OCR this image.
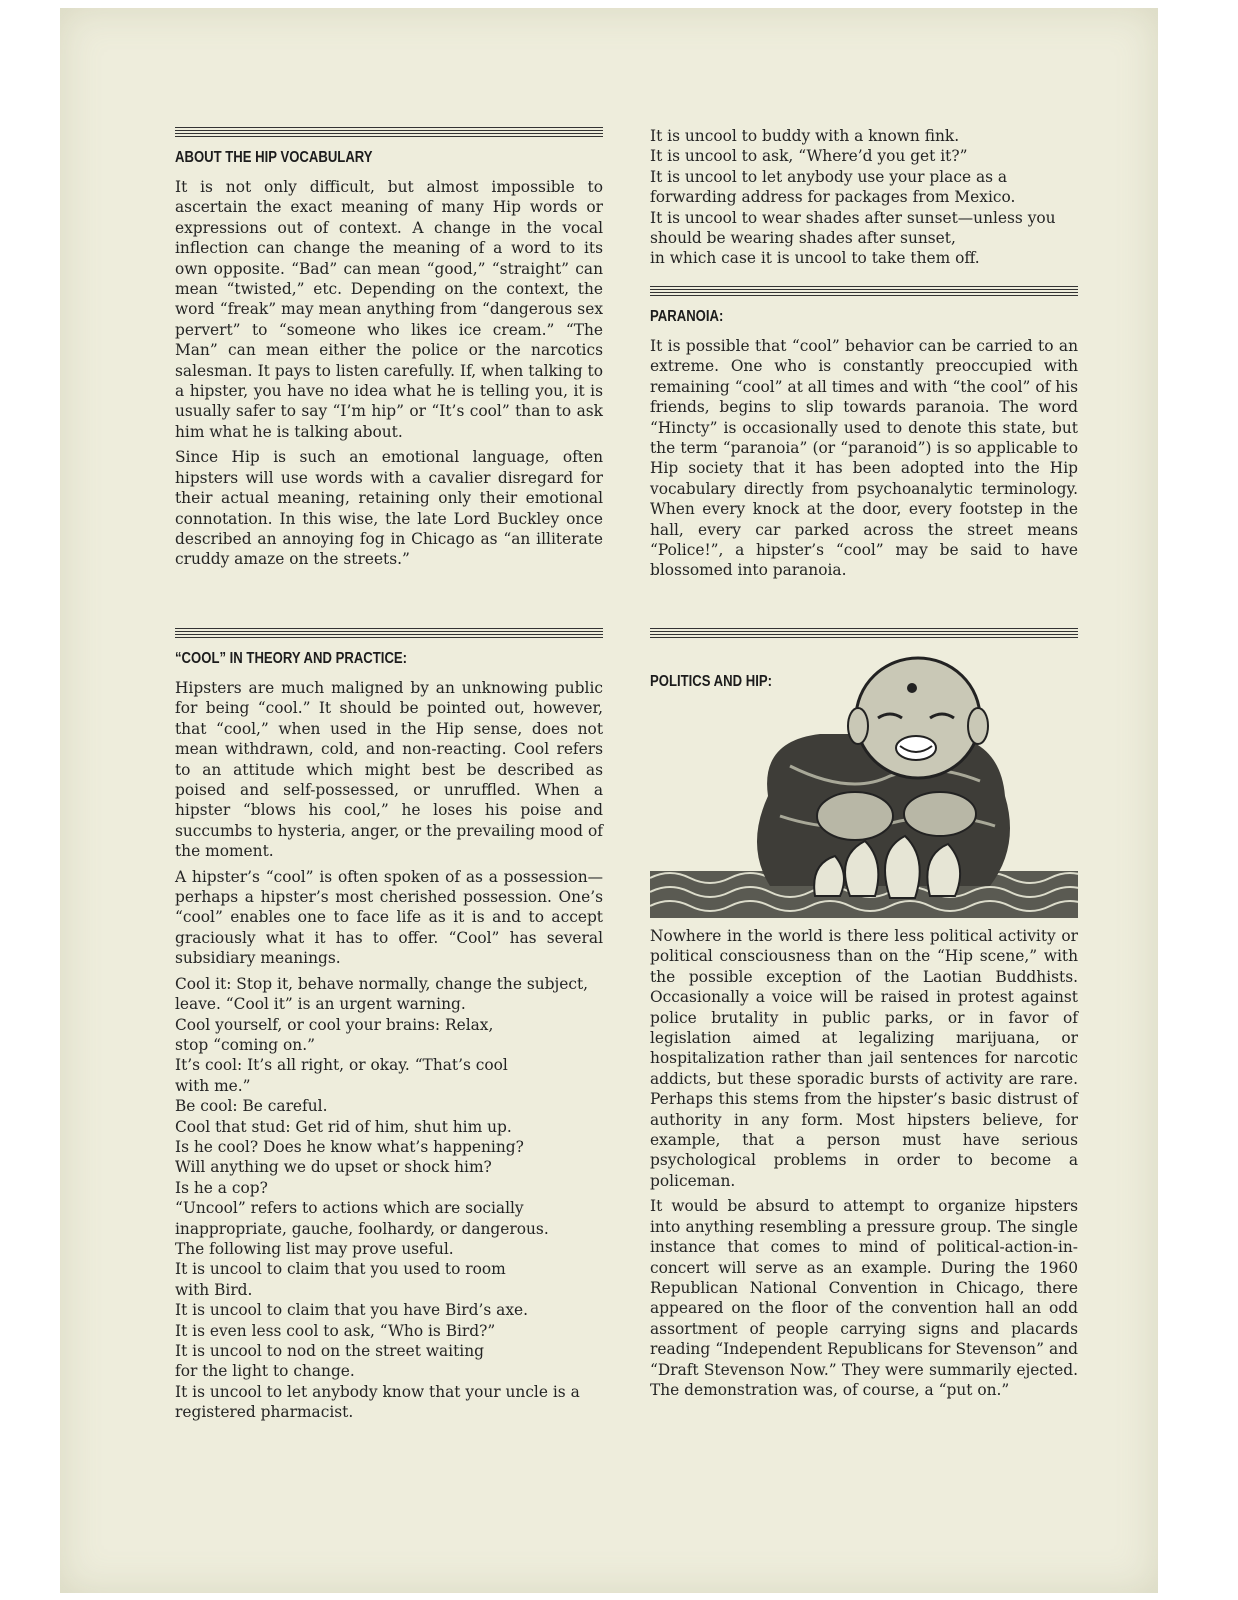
ABOUT THE HIP VOCABULARY

It is not only difficult, but almost impossible to ascertain the exact meaning of many Hip words or expressions out of context. A change in the vocal inflection can change the meaning of a word to its own opposite. “Bad” can mean “good,” “straight” can mean “twisted,” etc. Depending on the context, the word “freak” may mean anything from “dangerous sex pervert” to “someone who likes ice cream.” “The Man” can mean either the police or the narcotics salesman. It pays to listen carefully. If, when talking to a hipster, you have no idea what he is telling you, it is usually safer to say “I’m hip” or “It’s cool” than to ask him what he is talking about.

Since Hip is such an emotional language, often hipsters will use words with a cavalier disregard for their actual meaning, retaining only their emotional connotation. In this wise, the late Lord Buckley once described an annoying fog in Chicago as “an illiterate cruddy amaze on the streets.”

“COOL” IN THEORY AND PRACTICE:

Hipsters are much maligned by an unknowing public for being “cool.” It should be pointed out, however, that “cool,” when used in the Hip sense, does not mean withdrawn, cold, and non-reacting. Cool refers to an attitude which might best be described as poised and self-possessed, or unruffled. When a hipster “blows his cool,” he loses his poise and succumbs to hysteria, anger, or the prevailing mood of the moment.

A hipster’s “cool” is often spoken of as a possession—perhaps a hipster’s most cherished possession. One’s “cool” enables one to face life as it is and to accept graciously what it has to offer. “Cool” has several subsidiary meanings.

Cool it: Stop it, behave normally, change the subject, leave. “Cool it” is an urgent warning.

Cool yourself, or cool your brains: Relax,

stop “coming on.”

It’s cool: It’s all right, or okay. “That’s cool

with me.”

Be cool: Be careful.

Cool that stud: Get rid of him, shut him up.

Is he cool? Does he know what’s happening?

Will anything we do upset or shock him?

Is he a cop?

“Uncool” refers to actions which are socially inappropriate, gauche, foolhardy, or dangerous.

The following list may prove useful.

It is uncool to claim that you used to room

with Bird.

It is uncool to claim that you have Bird’s axe.

It is even less cool to ask, “Who is Bird?”

It is uncool to nod on the street waiting

for the light to change.

It is uncool to let anybody know that your uncle is a registered pharmacist.

It is uncool to buddy with a known fink.

It is uncool to ask, “Where’d you get it?”

It is uncool to let anybody use your place as a forwarding address for packages from Mexico.

It is uncool to wear shades after sunset—unless you should be wearing shades after sunset,

in which case it is uncool to take them off.

PARANOIA:

It is possible that “cool” behavior can be carried to an extreme. One who is constantly preoccupied with remaining “cool” at all times and with “the cool” of his friends, begins to slip towards paranoia. The word “Hincty” is occasionally used to denote this state, but the term “paranoia” (or “paranoid”) is so applicable to Hip society that it has been adopted into the Hip vocabulary directly from psychoanalytic terminology. When every knock at the door, every footstep in the hall, every car parked across the street means “Police!”, a hipster’s “cool” may be said to have blossomed into paranoia.

Nowhere in the world is there less political activity or political consciousness than on the “Hip scene,” with the possible exception of the Laotian Buddhists. Occasionally a voice will be raised in protest against police brutality in public parks, or in favor of legislation aimed at legalizing marijuana, or hospitalization rather than jail sentences for narcotic addicts, but these sporadic bursts of activity are rare. Perhaps this stems from the hipster’s basic distrust of authority in any form. Most hipsters believe, for example, that a person must have serious psychological problems in order to become a policeman.

It would be absurd to attempt to organize hipsters into anything resembling a pressure group. The single instance that comes to mind of political-action-in-concert will serve as an example. During the 1960 Republican National Convention in Chicago, there appeared on the floor of the convention hall an odd assortment of people carrying signs and placards reading “Independent Republicans for Stevenson” and “Draft Stevenson Now.” They were summarily ejected. The demonstration was, of course, a “put on.”

POLITICS AND HIP:
